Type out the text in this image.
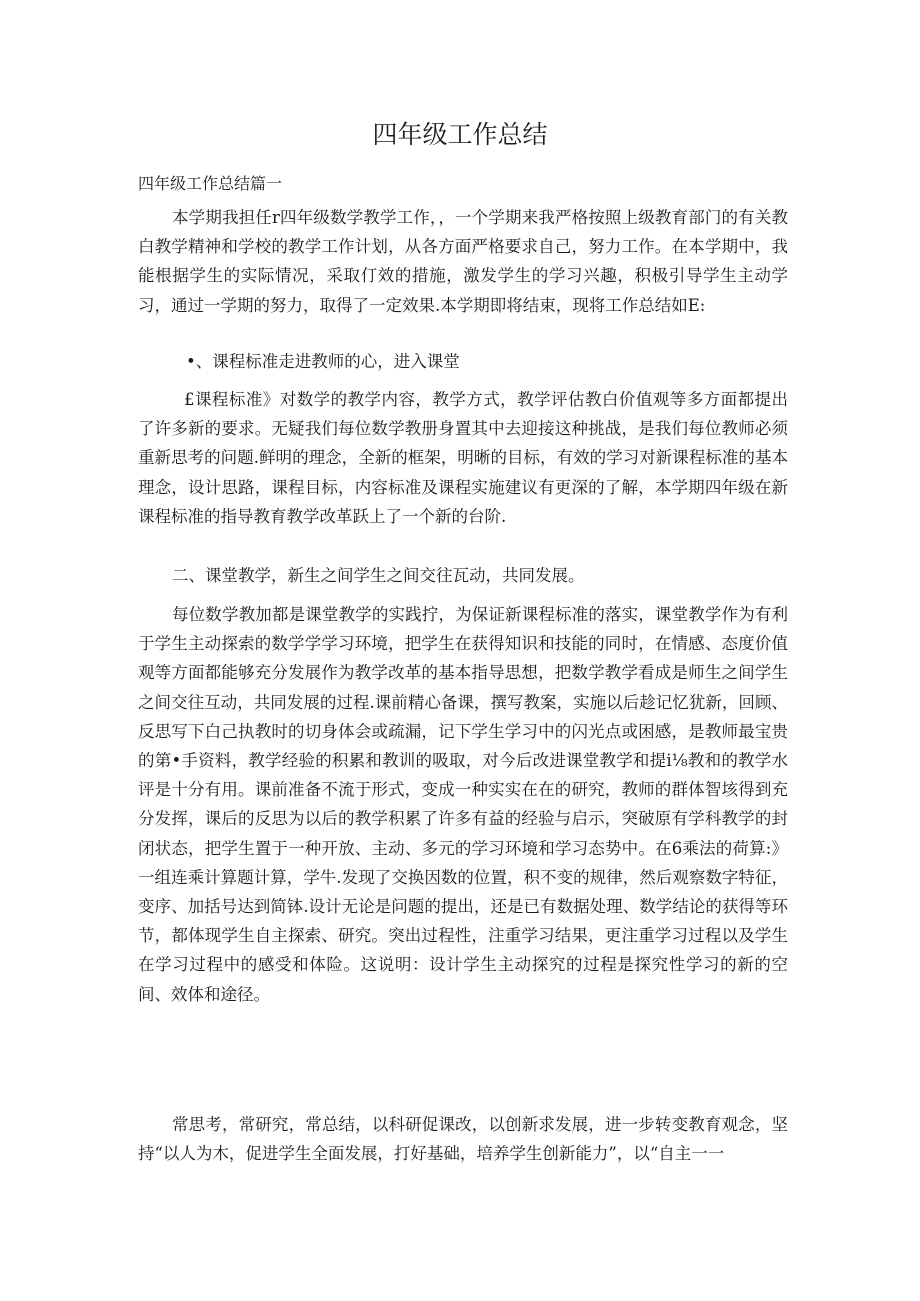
四年级工作总结
四年级工作总结篇一

本学期我担任r四年级数学教学工作，，一个学期来我严格按照上级教育部门的有关教白教学精神和学校的教学工作计划，从各方面严格要求自己，努力工作。在本学期中，我能根据学生的实际情况，采取仃效的措施，激发学生的学习兴趣，积极引导学生主动学习，通过一学期的努力，取得了一定效果.本学期即将结束，现将工作总结如E:

•、课程标准走进教师的心，进入课堂

£课程标准》对数学的教学内容，教学方式，教学评估教白价值观等多方面都提出了许多新的要求。无疑我们每位数学教册身置其中去迎接这种挑战，是我们每位教师必须重新思考的问题.鲜明的理念，全新的框架，明晰的目标，有效的学习对新课程标准的基本理念，设计思路，课程目标，内容标准及课程实施建议有更深的了解，本学期四年级在新课程标准的指导教育教学改革跃上了一个新的台阶.

二、课堂教学，新生之间学生之间交往瓦动，共同发展。

每位数学教加都是课堂教学的实践拧，为保证新课程标准的落实，课堂教学作为有利于学生主动探索的数学学学习环境，把学生在获得知识和技能的同时，在情感、态度价值观等方面都能够充分发展作为教学改革的基本指导思想，把数学教学看成是师生之间学生之间交往互动，共同发展的过程.课前精心备课，撰写教案，实施以后趁记忆犹新，回顾、反思写下白己执教时的切身体会或疏漏，记下学生学习中的闪光点或困感，是教师最宝贵的第•手资料，教学经验的积累和教训的吸取，对今后改进课堂教学和提i⅛教和的教学水评是十分有用。课前准备不流于形式，变成一种实实在在的研究，教师的群体智垓得到充分发挥，课后的反思为以后的教学积累了许多有益的经验与启示，突破原有学科教学的封闭状态，把学生置于一种开放、主动、多元的学习环境和学习态势中。在6乘法的荷算:》一组连乘计算题计算，学牛.发现了交换因数的位置，积不变的规律，然后观察数字特征，变序、加括号达到简钵.设计无论是问题的提出，还是已有数据处理、数学结论的获得等环节，都体现学生自主探索、研究。突出过程性，注重学习结果，更注重学习过程以及学生在学习过程中的感受和体险。这说明：设计学生主动探究的过程是探究性学习的新的空间、效体和途径。

常思考，常研究，常总结，以科研促课改，以创新求发展，进一步转变教育观念，坚持“以人为木，促进学生全面发展，打好基础，培养学生创新能力”，以“自主一一
